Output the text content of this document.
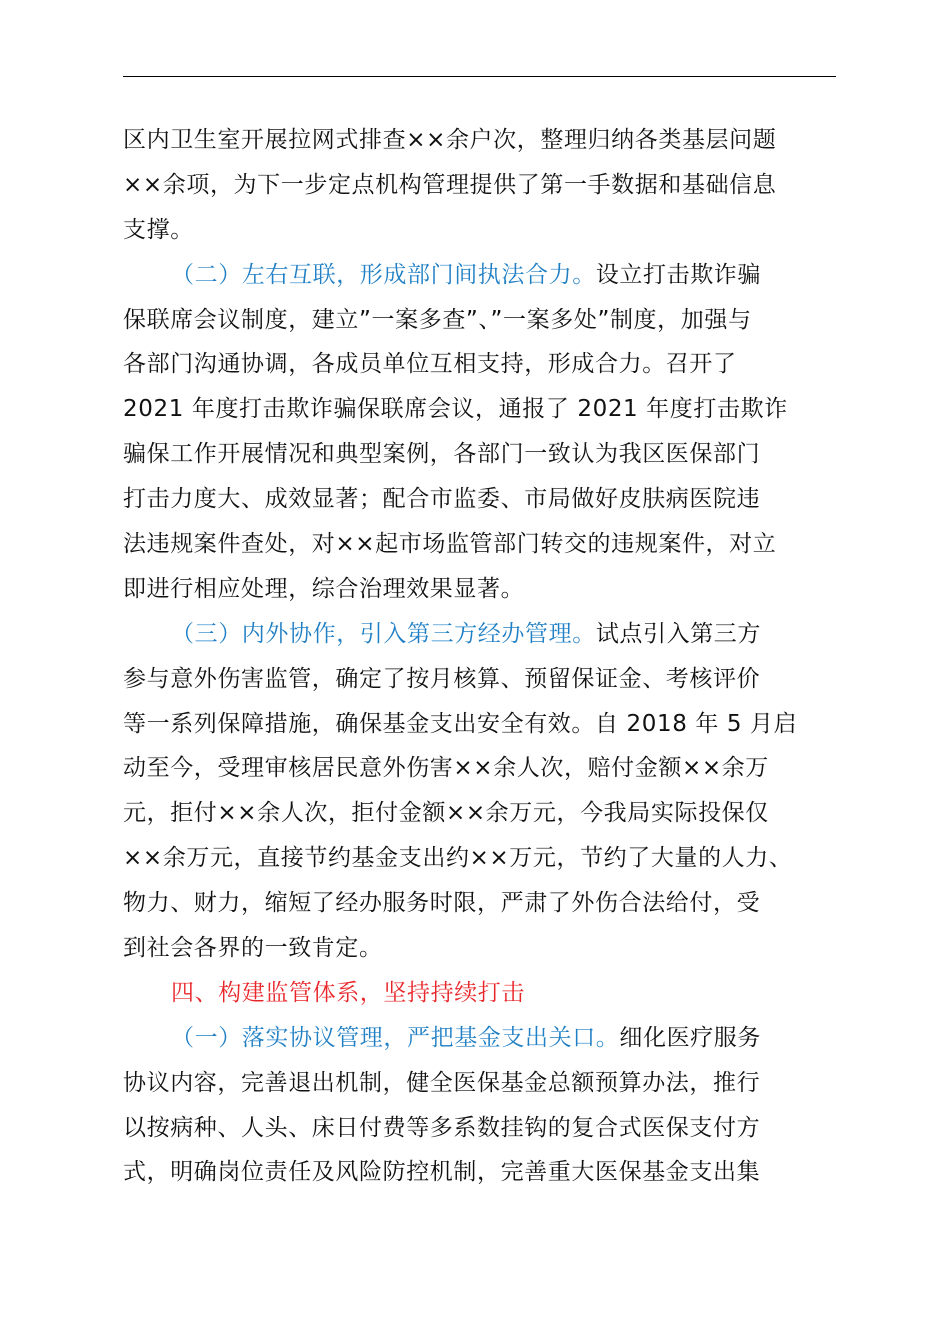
区内卫生室开展拉网式排查××余户次，整理归纳各类基层问题
××余项，为下一步定点机构管理提供了第一手数据和基础信息
支撑。
（二）左右互联，形成部门间执法合力。设立打击欺诈骗
保联席会议制度，建立”一案多查”、”一案多处”制度，加强与
各部门沟通协调，各成员单位互相支持，形成合力。召开了
2021 年度打击欺诈骗保联席会议，通报了 2021 年度打击欺诈
骗保工作开展情况和典型案例，各部门一致认为我区医保部门
打击力度大、成效显著；配合市监委、市局做好皮肤病医院违
法违规案件查处，对××起市场监管部门转交的违规案件，对立
即进行相应处理，综合治理效果显著。
（三）内外协作，引入第三方经办管理。试点引入第三方
参与意外伤害监管，确定了按月核算、预留保证金、考核评价
等一系列保障措施，确保基金支出安全有效。自 2018 年 5 月启
动至今，受理审核居民意外伤害××余人次，赔付金额××余万
元，拒付××余人次，拒付金额××余万元，今我局实际投保仅
××余万元，直接节约基金支出约××万元，节约了大量的人力、
物力、财力，缩短了经办服务时限，严肃了外伤合法给付，受
到社会各界的一致肯定。
四、构建监管体系，坚持持续打击
（一）落实协议管理，严把基金支出关口。细化医疗服务
协议内容，完善退出机制，健全医保基金总额预算办法，推行
以按病种、人头、床日付费等多系数挂钩的复合式医保支付方
式，明确岗位责任及风险防控机制，完善重大医保基金支出集
